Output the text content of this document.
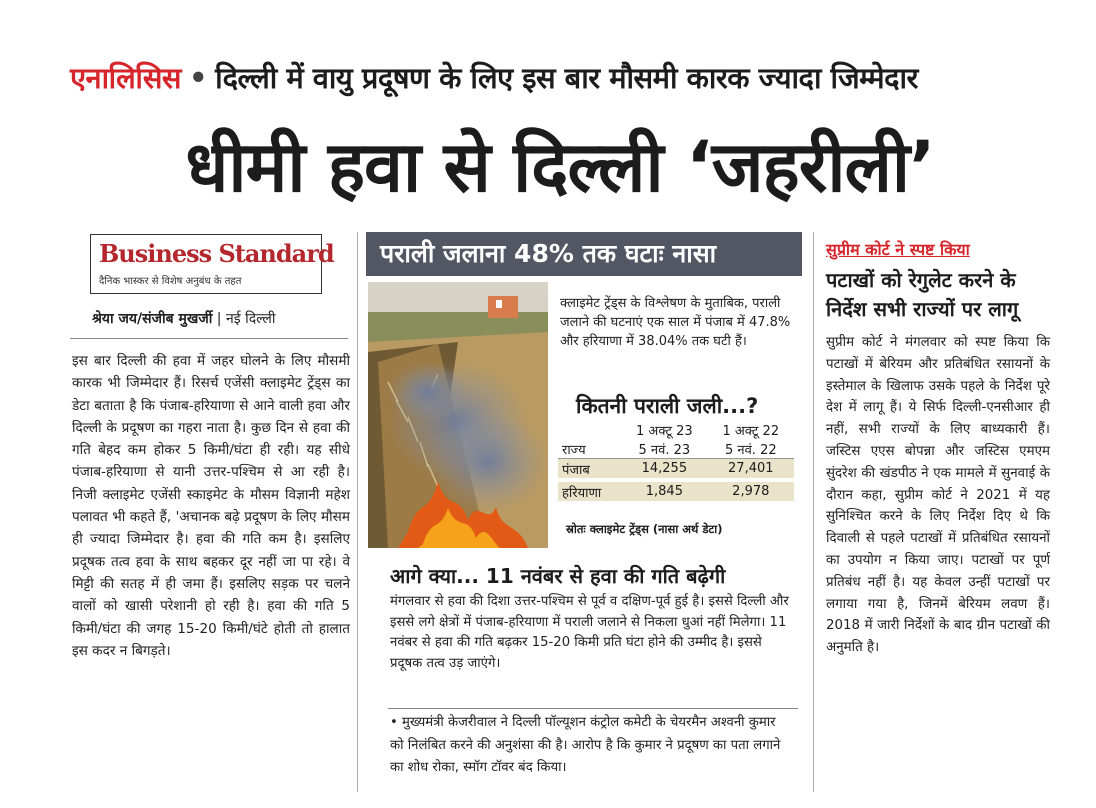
एनालिसिस • दिल्ली में वायु प्रदूषण के लिए इस बार मौसमी कारक ज्यादा जिम्मेदार
धीमी हवा से दिल्ली ‘जहरीली’
Business Standard
दैनिक भास्कर से विशेष अनुबंध के तहत
श्रेया जय/संजीब मुखर्जी | नई दिल्ली
इस बार दिल्ली की हवा में जहर घोलने के लिए मौसमी कारक भी जिम्मेदार हैं। रिसर्च एजेंसी क्लाइमेट ट्रेंड्स का डेटा बताता है कि पंजाब-हरियाणा से आने वाली हवा और दिल्ली के प्रदूषण का गहरा नाता है। कुछ दिन से हवा की गति बेहद कम होकर 5 किमी/घंटा ही रही। यह सीधे पंजाब-हरियाणा से यानी उत्तर-पश्चिम से आ रही है। निजी क्लाइमेट एजेंसी स्काइमेट के मौसम विज्ञानी महेश पलावत भी कहते हैं, 'अचानक बढ़े प्रदूषण के लिए मौसम ही ज्यादा जिम्मेदार है। हवा की गति कम है। इसलिए प्रदूषक तत्व हवा के साथ बहकर दूर नहीं जा पा रहे। वे मिट्टी की सतह में ही जमा हैं। इसलिए सड़क पर चलने वालों को खासी परेशानी हो रही है। हवा की गति 5 किमी/घंटा की जगह 15-20 किमी/घंटे होती तो हालात इस कदर न बिगड़ते।
पराली जलाना 48% तक घटाः नासा
क्लाइमेट ट्रेंड्स के विश्लेषण के मुताबिक, पराली जलाने की घटनाएं एक साल में पंजाब में 47.8% और हरियाणा में 38.04% तक घटी हैं।
कितनी पराली जली...?
	1 अक्टू 23	1 अक्टू 22
राज्य	5 नवं. 23	5 नवं. 22
पंजाब	14,255	27,401

हरियाणा	1,845	2,978
स्रोतः क्लाइमेट ट्रेंड्स (नासा अर्थ डेटा)
आगे क्या... 11 नवंबर से हवा की गति बढ़ेगी
मंगलवार से हवा की दिशा उत्तर-पश्चिम से पूर्व व दक्षिण-पूर्व हुई है। इससे दिल्ली और इससे लगे क्षेत्रों में पंजाब-हरियाणा में पराली जलाने से निकला धुआं नहीं मिलेगा। 11 नवंबर से हवा की गति बढ़कर 15-20 किमी प्रति घंटा होने की उम्मीद है। इससे प्रदूषक तत्व उड़ जाएंगे।
• मुख्यमंत्री केजरीवाल ने दिल्ली पॉल्यूशन कंट्रोल कमेटी के चेयरमैन अश्वनी कुमार को निलंबित करने की अनुशंसा की है। आरोप है कि कुमार ने प्रदूषण का पता लगाने का शोध रोका, स्मॉग टॉवर बंद किया।
सुप्रीम कोर्ट ने स्पष्ट किया
पटाखों को रेगुलेट करने के निर्देश सभी राज्यों पर लागू
सुप्रीम कोर्ट ने मंगलवार को स्पष्ट किया कि पटाखों में बेरियम और प्रतिबंधित रसायनों के इस्तेमाल के खिलाफ उसके पहले के निर्देश पूरे देश में लागू हैं। ये सिर्फ दिल्ली-एनसीआर ही नहीं, सभी राज्यों के लिए बाध्यकारी हैं। जस्टिस एएस बोपन्ना और जस्टिस एमएम सुंदरेश की खंडपीठ ने एक मामले में सुनवाई के दौरान कहा, सुप्रीम कोर्ट ने 2021 में यह सुनिश्चित करने के लिए निर्देश दिए थे कि दिवाली से पहले पटाखों में प्रतिबंधित रसायनों का उपयोग न किया जाए। पटाखों पर पूर्ण प्रतिबंध नहीं है। यह केवल उन्हीं पटाखों पर लगाया गया है, जिनमें बेरियम लवण हैं। 2018 में जारी निर्देशों के बाद ग्रीन पटाखों की अनुमति है।
